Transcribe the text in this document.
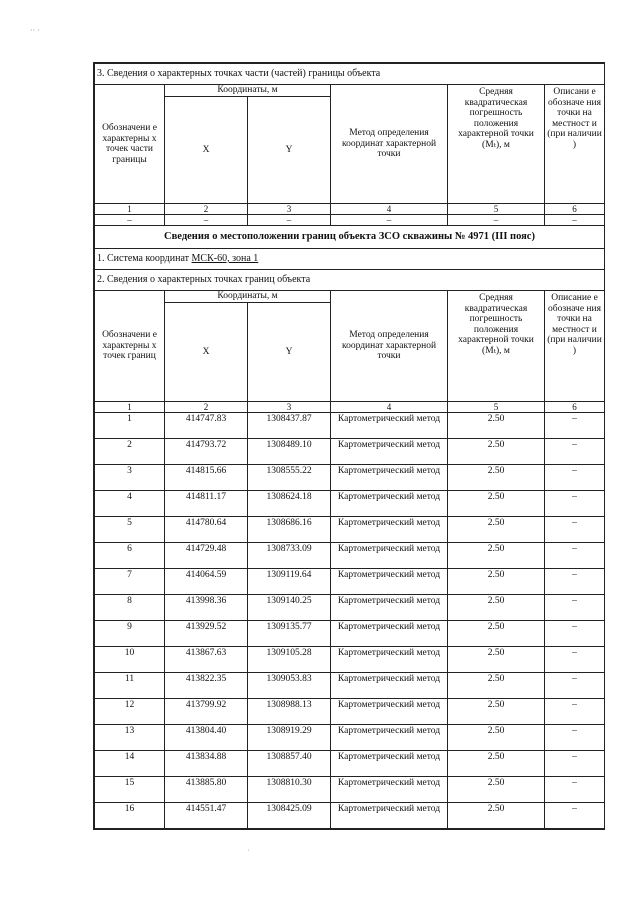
·· ·
3. Сведения о характерных точках части (частей) границы объекта					
Обозначени е характерны х точек части границы	Координаты, м		Метод определения координат характерной точки	Средняя квадратическая погрешность положения характерной точки (Мₜ), м	Описани е обозначе ния точки на местност и (при наличии )
	X	Y			
1	2	3	4	5	6
–	–	–	–	–	–
Сведения о местоположении границ объекта ЗСО скважины № 4971 (III пояс)					
1. Система координат МСК-60, зона 1					
2. Сведения о характерных точках границ объекта					
Обозначени е характерны х точек границ	Координаты, м		Метод определения координат характерной точки	Средняя квадратическая погрешность положения характерной точки (Мₜ), м	Описание е обозначе ния точки на местност и (при наличии )
	X	Y			
1	2	3	4	5	6
1	414747.83	1308437.87	Картометрический метод	2.50	–
2	414793.72	1308489.10	Картометрический метод	2.50	–
3	414815.66	1308555.22	Картометрический метод	2.50	–
4	414811.17	1308624.18	Картометрический метод	2.50	–
5	414780.64	1308686.16	Картометрический метод	2.50	–
6	414729.48	1308733.09	Картометрический метод	2.50	–
7	414064.59	1309119.64	Картометрический метод	2.50	–
8	413998.36	1309140.25	Картометрический метод	2.50	–
9	413929.52	1309135.77	Картометрический метод	2.50	–
10	413867.63	1309105.28	Картометрический метод	2.50	–
11	413822.35	1309053.83	Картометрический метод	2.50	–
12	413799.92	1308988.13	Картометрический метод	2.50	–
13	413804.40	1308919.29	Картометрический метод	2.50	–
14	413834.88	1308857.40	Картометрический метод	2.50	–
15	413885.80	1308810.30	Картометрический метод	2.50	–
16	414551.47	1308425.09	Картометрический метод	2.50	–
·
